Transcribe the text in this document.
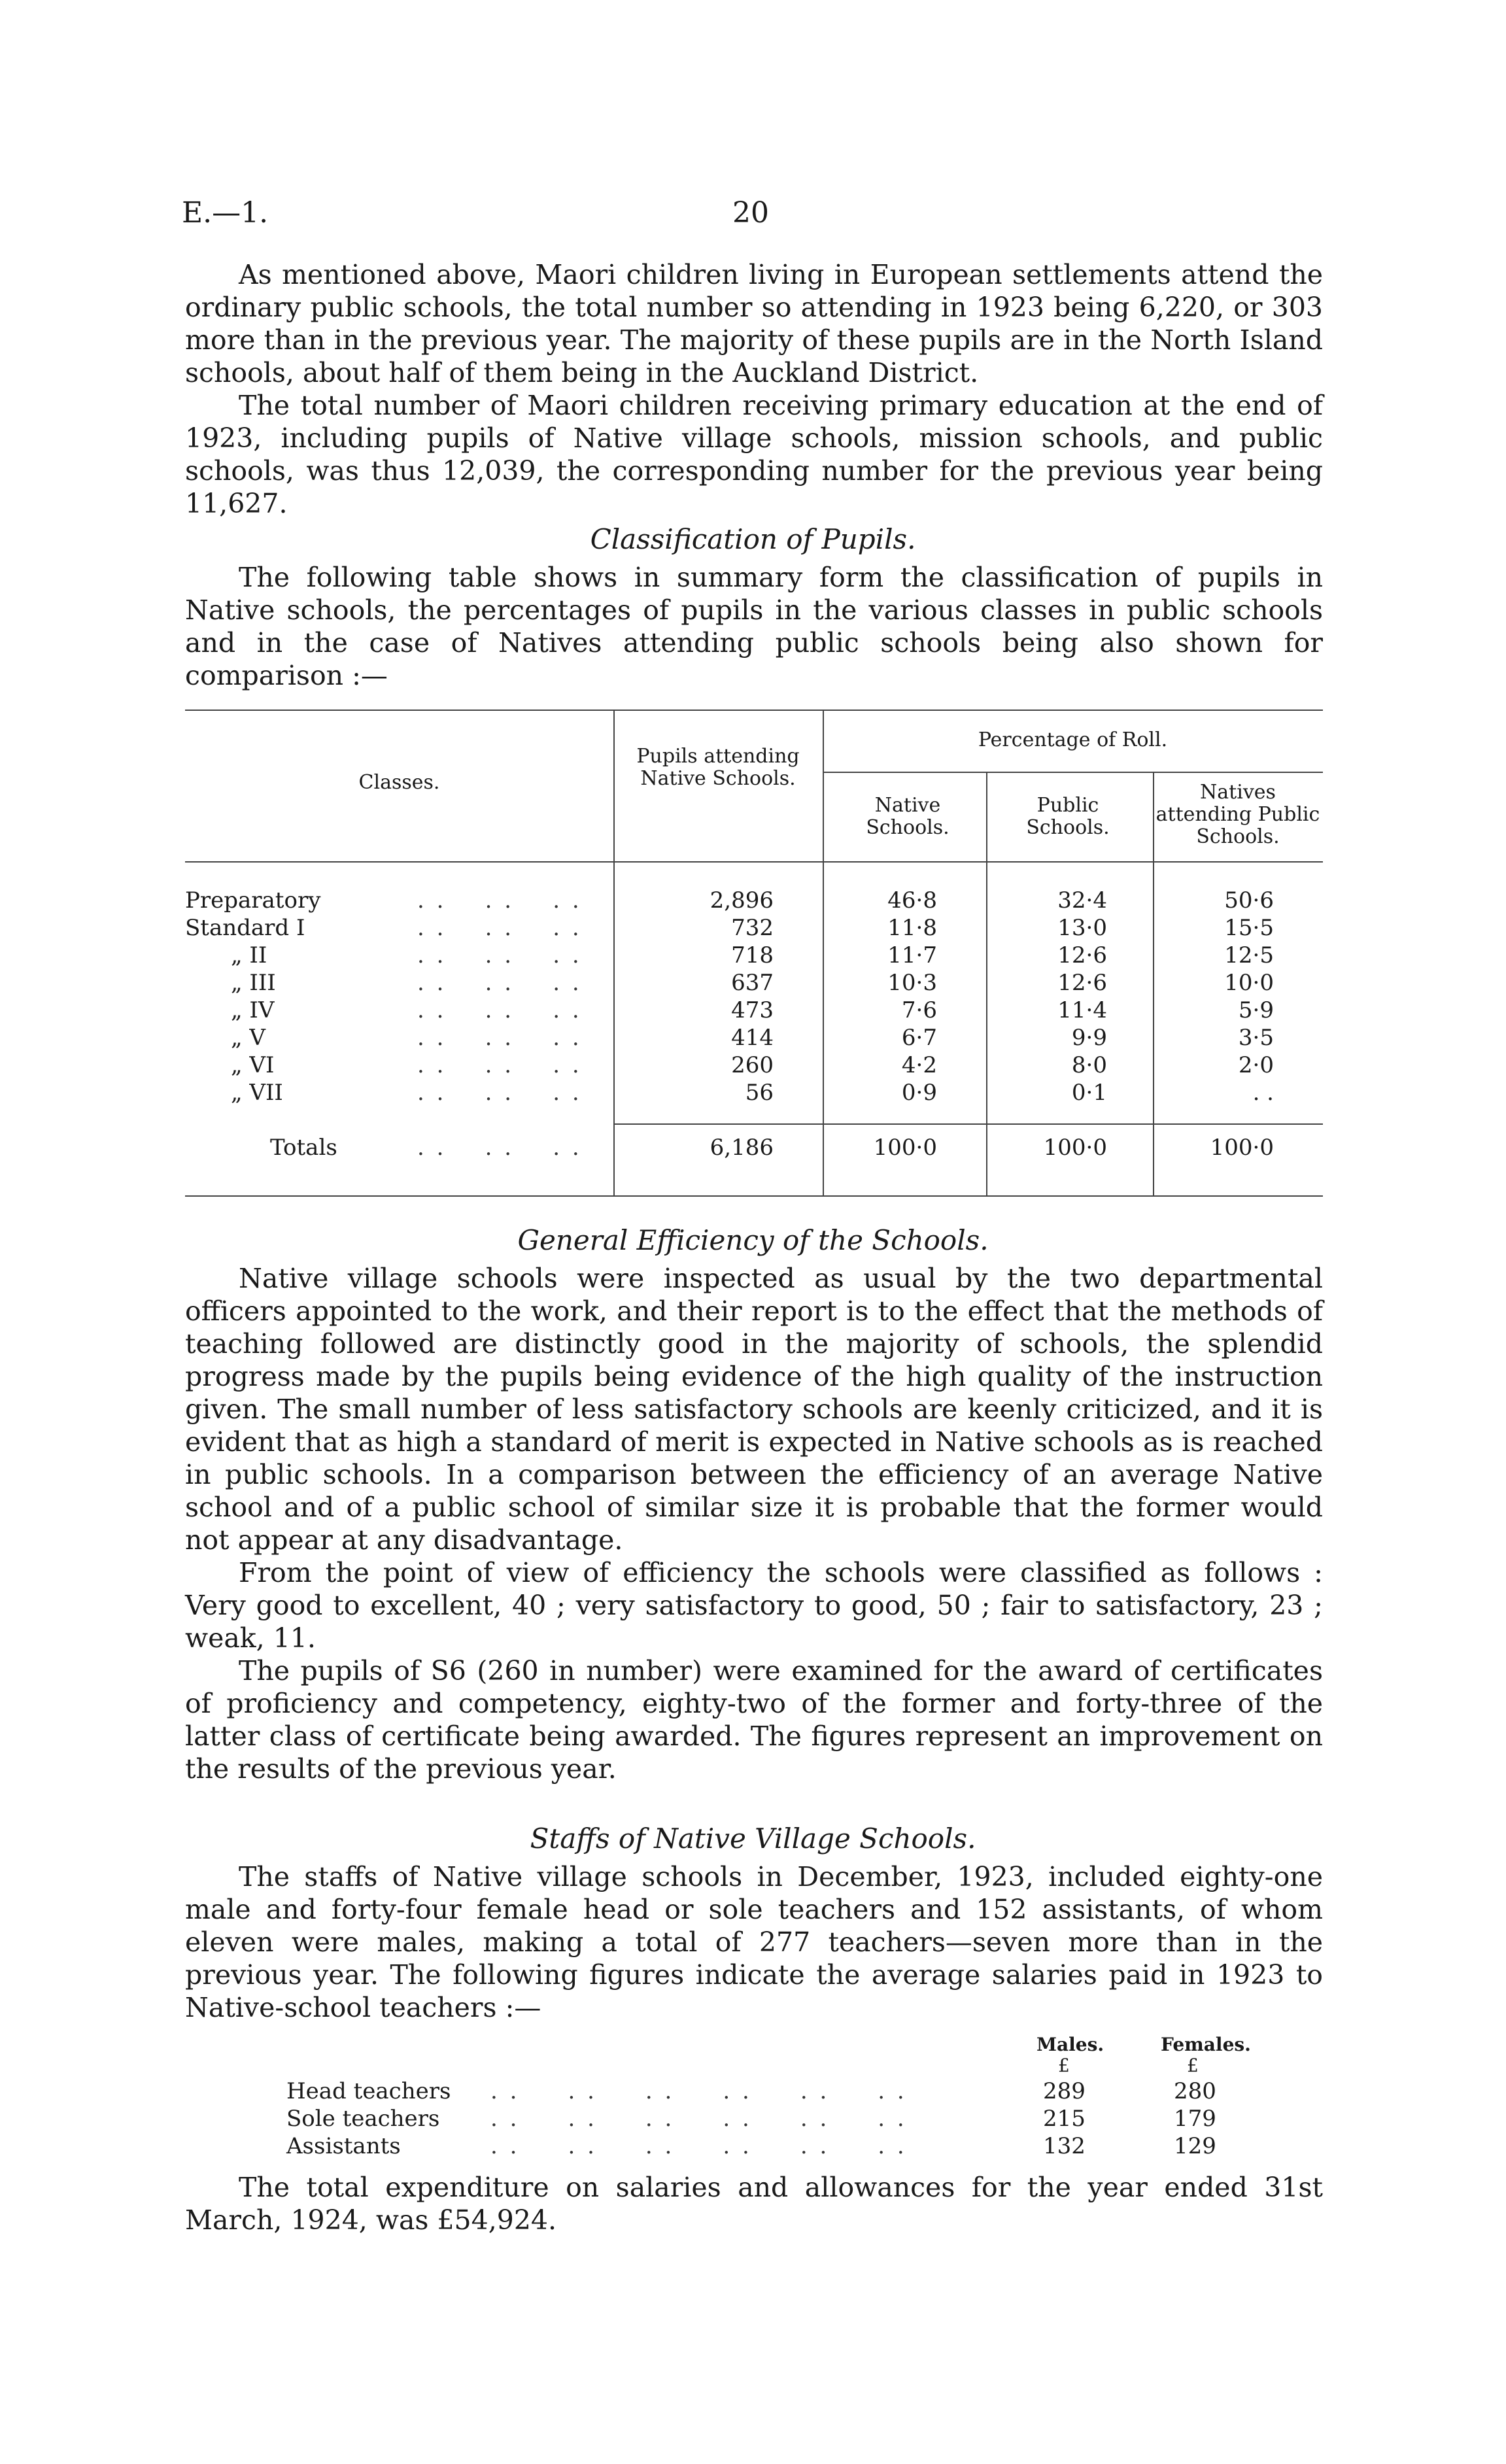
E.—1.	20

As mentioned above, Maori children living in European settlements attend the ordinary public schools, the total number so attending in 1923 being 6,220, or 303 more than in the previous year. The majority of these pupils are in the North Island schools, about half of them being in the Auckland District.

The total number of Maori children receiving primary education at the end of 1923, including pupils of Native village schools, mission schools, and public schools, was thus 12,039, the corresponding number for the previous year being 11,627.

Classification of Pupils.

The following table shows in summary form the classification of pupils in Native schools, the percentages of pupils in the various classes in public schools and in the case of Natives attending public schools being also shown for comparison :—

Classes.
Pupils attending Native Schools.
Percentage of Roll.
Native Schools.
Public Schools.
Natives attending Public Schools.
Preparatory	. .    . .    . .	2,896	46·8	32·4	50·6
Standard I	. .    . .    . .	732	11·8	13·0	15·5
„ II	. .    . .    . .	718	11·7	12·6	12·5
„ III	. .    . .    . .	637	10·3	12·6	10·0
„ IV	. .    . .    . .	473	7·6	11·4	5·9
„ V	. .    . .    . .	414	6·7	9·9	3·5
„ VI	. .    . .    . .	260	4·2	8·0	2·0
„ VII	. .    . .    . .	56	0·9	0·1	. .
Totals	. .    . .    . .	6,186	100·0	100·0	100·0
General Efficiency of the Schools.

Native village schools were inspected as usual by the two departmental officers appointed to the work, and their report is to the effect that the methods of teaching followed are distinctly good in the majority of schools, the splendid progress made by the pupils being evidence of the high quality of the instruction given. The small number of less satisfactory schools are keenly criticized, and it is evident that as high a standard of merit is expected in Native schools as is reached in public schools. In a comparison between the efficiency of an average Native school and of a public school of similar size it is probable that the former would not appear at any disadvantage.

From the point of view of efficiency the schools were classified as follows : Very good to excellent, 40 ; very satisfactory to good, 50 ; fair to satisfactory, 23 ; weak, 11.

The pupils of S6 (260 in number) were examined for the award of certificates of proficiency and competency, eighty-two of the former and forty-three of the latter class of certificate being awarded. The figures represent an improvement on the results of the previous year.

Staffs of Native Village Schools.

The staffs of Native village schools in December, 1923, included eighty-one male and forty-four female head or sole teachers and 152 assistants, of whom eleven were males, making a total of 277 teachers—seven more than in the previous year. The following figures indicate the average salaries paid in 1923 to Native-school teachers :—

Males.	Females.
£	£
Head teachers . .     . .     . .     . .     . .     . .	289	280
Sole teachers . .     . .     . .     . .     . .     . .	215	179
Assistants	. .     . .     . .     . .     . .     . .	132	129

The total expenditure on salaries and allowances for the year ended 31st March, 1924, was £54,924.
